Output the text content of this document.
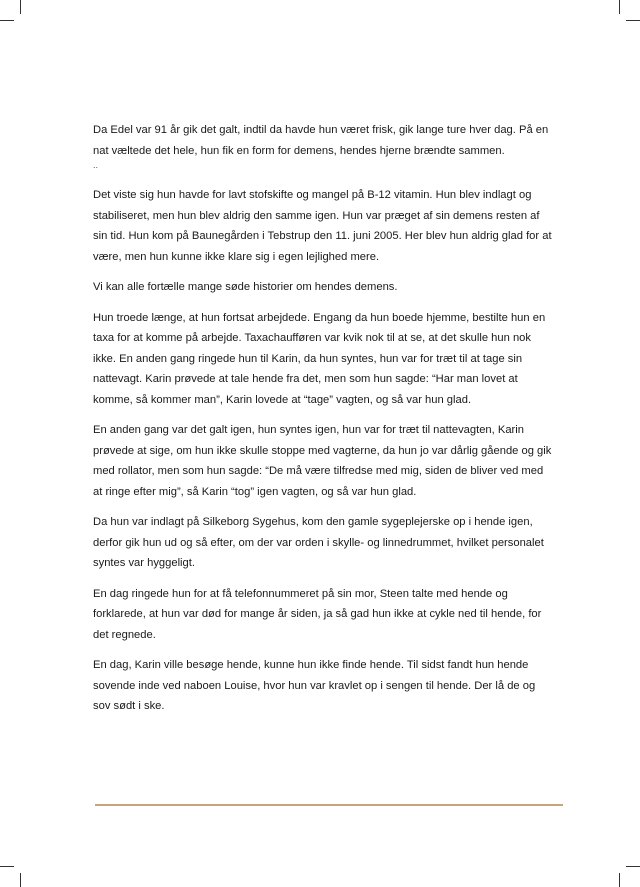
Da Edel var 91 år gik det galt, indtil da havde hun været frisk, gik lange ture hver dag. På en nat væltede det hele, hun fik en form for demens, hendes hjerne brændte sammen.

..

Det viste sig hun havde for lavt stofskifte og mangel på B-12 vitamin. Hun blev indlagt og stabiliseret, men hun blev aldrig den samme igen. Hun var præget af sin demens resten af sin tid. Hun kom på Baunegården i Tebstrup den 11. juni 2005. Her blev hun aldrig glad for at være, men hun kunne ikke klare sig i egen lejlighed mere.

Vi kan alle fortælle mange søde historier om hendes demens.

Hun troede længe, at hun fortsat arbejdede. Engang da hun boede hjemme, bestilte hun en taxa for at komme på arbejde. Taxachaufføren var kvik nok til at se, at det skulle hun nok ikke. En anden gang ringede hun til Karin, da hun syntes, hun var for træt til at tage sin nattevagt. Karin prøvede at tale hende fra det, men som hun sagde: “Har man lovet at komme, så kommer man”, Karin lovede at “tage” vagten, og så var hun glad.

En anden gang var det galt igen, hun syntes igen, hun var for træt til nattevagten, Karin prøvede at sige, om hun ikke skulle stoppe med vagterne, da hun jo var dårlig gående og gik med rollator, men som hun sagde: “De må være tilfredse med mig, siden de bliver ved med at ringe efter mig”, så Karin “tog” igen vagten, og så var hun glad.

Da hun var indlagt på Silkeborg Sygehus, kom den gamle sygeplejerske op i hende igen, derfor gik hun ud og så efter, om der var orden i skylle- og linnedrummet, hvilket personalet syntes var hyggeligt.

En dag ringede hun for at få telefonnummeret på sin mor, Steen talte med hende og forklarede, at hun var død for mange år siden, ja så gad hun ikke at cykle ned til hende, for det regnede.

En dag, Karin ville besøge hende, kunne hun ikke finde hende. Til sidst fandt hun hende sovende inde ved naboen Louise, hvor hun var kravlet op i sengen til hende. Der lå de og sov sødt i ske.
